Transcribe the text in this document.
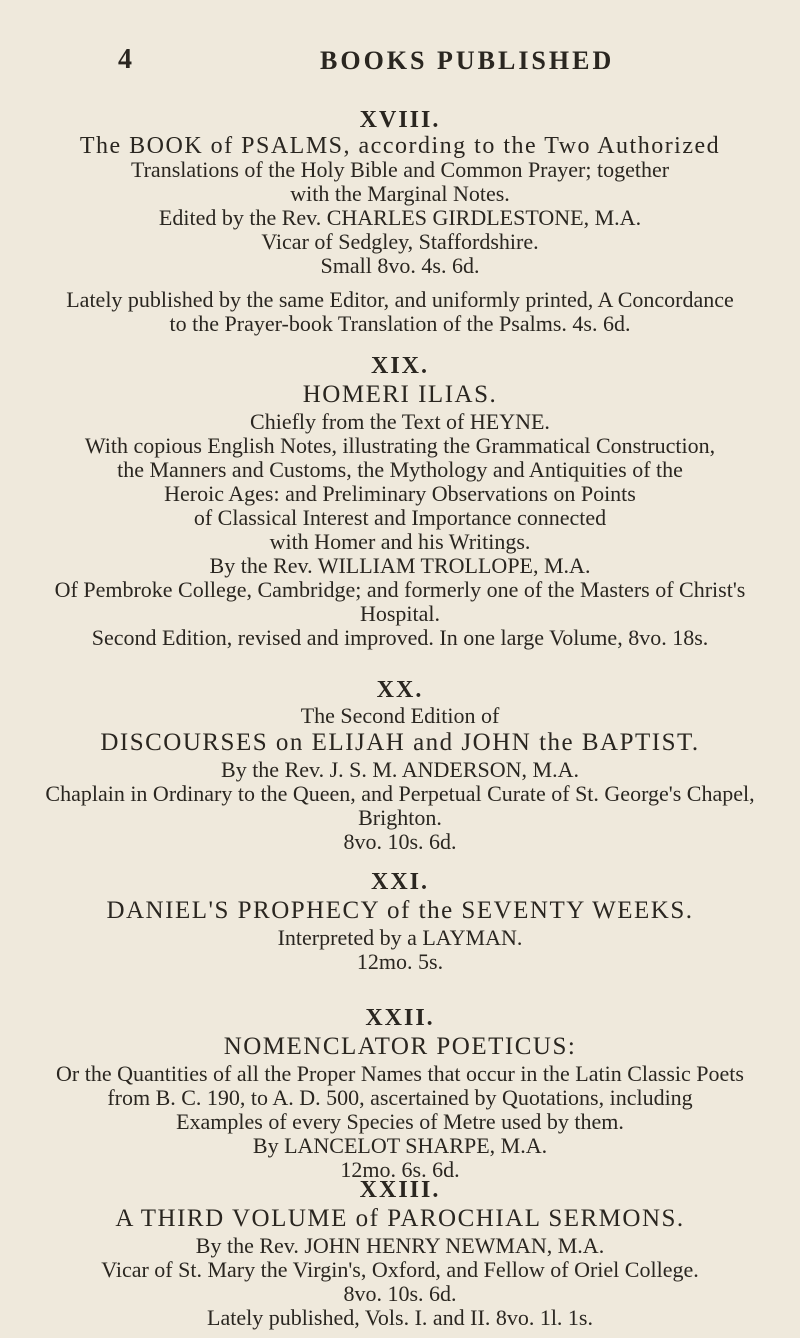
4	BOOKS PUBLISHED
XVIII.
The BOOK of PSALMS, according to the Two Authorized
Translations of the Holy Bible and Common Prayer; together
with the Marginal Notes.
Edited by the Rev. CHARLES GIRDLESTONE, M.A.
Vicar of Sedgley, Staffordshire.
Small 8vo. 4s. 6d.
Lately published by the same Editor, and uniformly printed, A Concordance
to the Prayer-book Translation of the Psalms. 4s. 6d.
XIX.
HOMERI ILIAS.
Chiefly from the Text of HEYNE.
With copious English Notes, illustrating the Grammatical Construction,
the Manners and Customs, the Mythology and Antiquities of the
Heroic Ages: and Preliminary Observations on Points
of Classical Interest and Importance connected
with Homer and his Writings.
By the Rev. WILLIAM TROLLOPE, M.A.
Of Pembroke College, Cambridge; and formerly one of the Masters of Christ's
Hospital.
Second Edition, revised and improved. In one large Volume, 8vo. 18s.
XX.
The Second Edition of
DISCOURSES on ELIJAH and JOHN the BAPTIST.
By the Rev. J. S. M. ANDERSON, M.A.
Chaplain in Ordinary to the Queen, and Perpetual Curate of St. George's Chapel,
Brighton.
8vo. 10s. 6d.
XXI.
DANIEL'S PROPHECY of the SEVENTY WEEKS.
Interpreted by a LAYMAN.
12mo. 5s.
XXII.
NOMENCLATOR POETICUS:
Or the Quantities of all the Proper Names that occur in the Latin Classic Poets
from B. C. 190, to A. D. 500, ascertained by Quotations, including
Examples of every Species of Metre used by them.
By LANCELOT SHARPE, M.A.
12mo. 6s. 6d.
XXIII.
A THIRD VOLUME of PAROCHIAL SERMONS.
By the Rev. JOHN HENRY NEWMAN, M.A.
Vicar of St. Mary the Virgin's, Oxford, and Fellow of Oriel College.
8vo. 10s. 6d.
Lately published, Vols. I. and II. 8vo. 1l. 1s.
